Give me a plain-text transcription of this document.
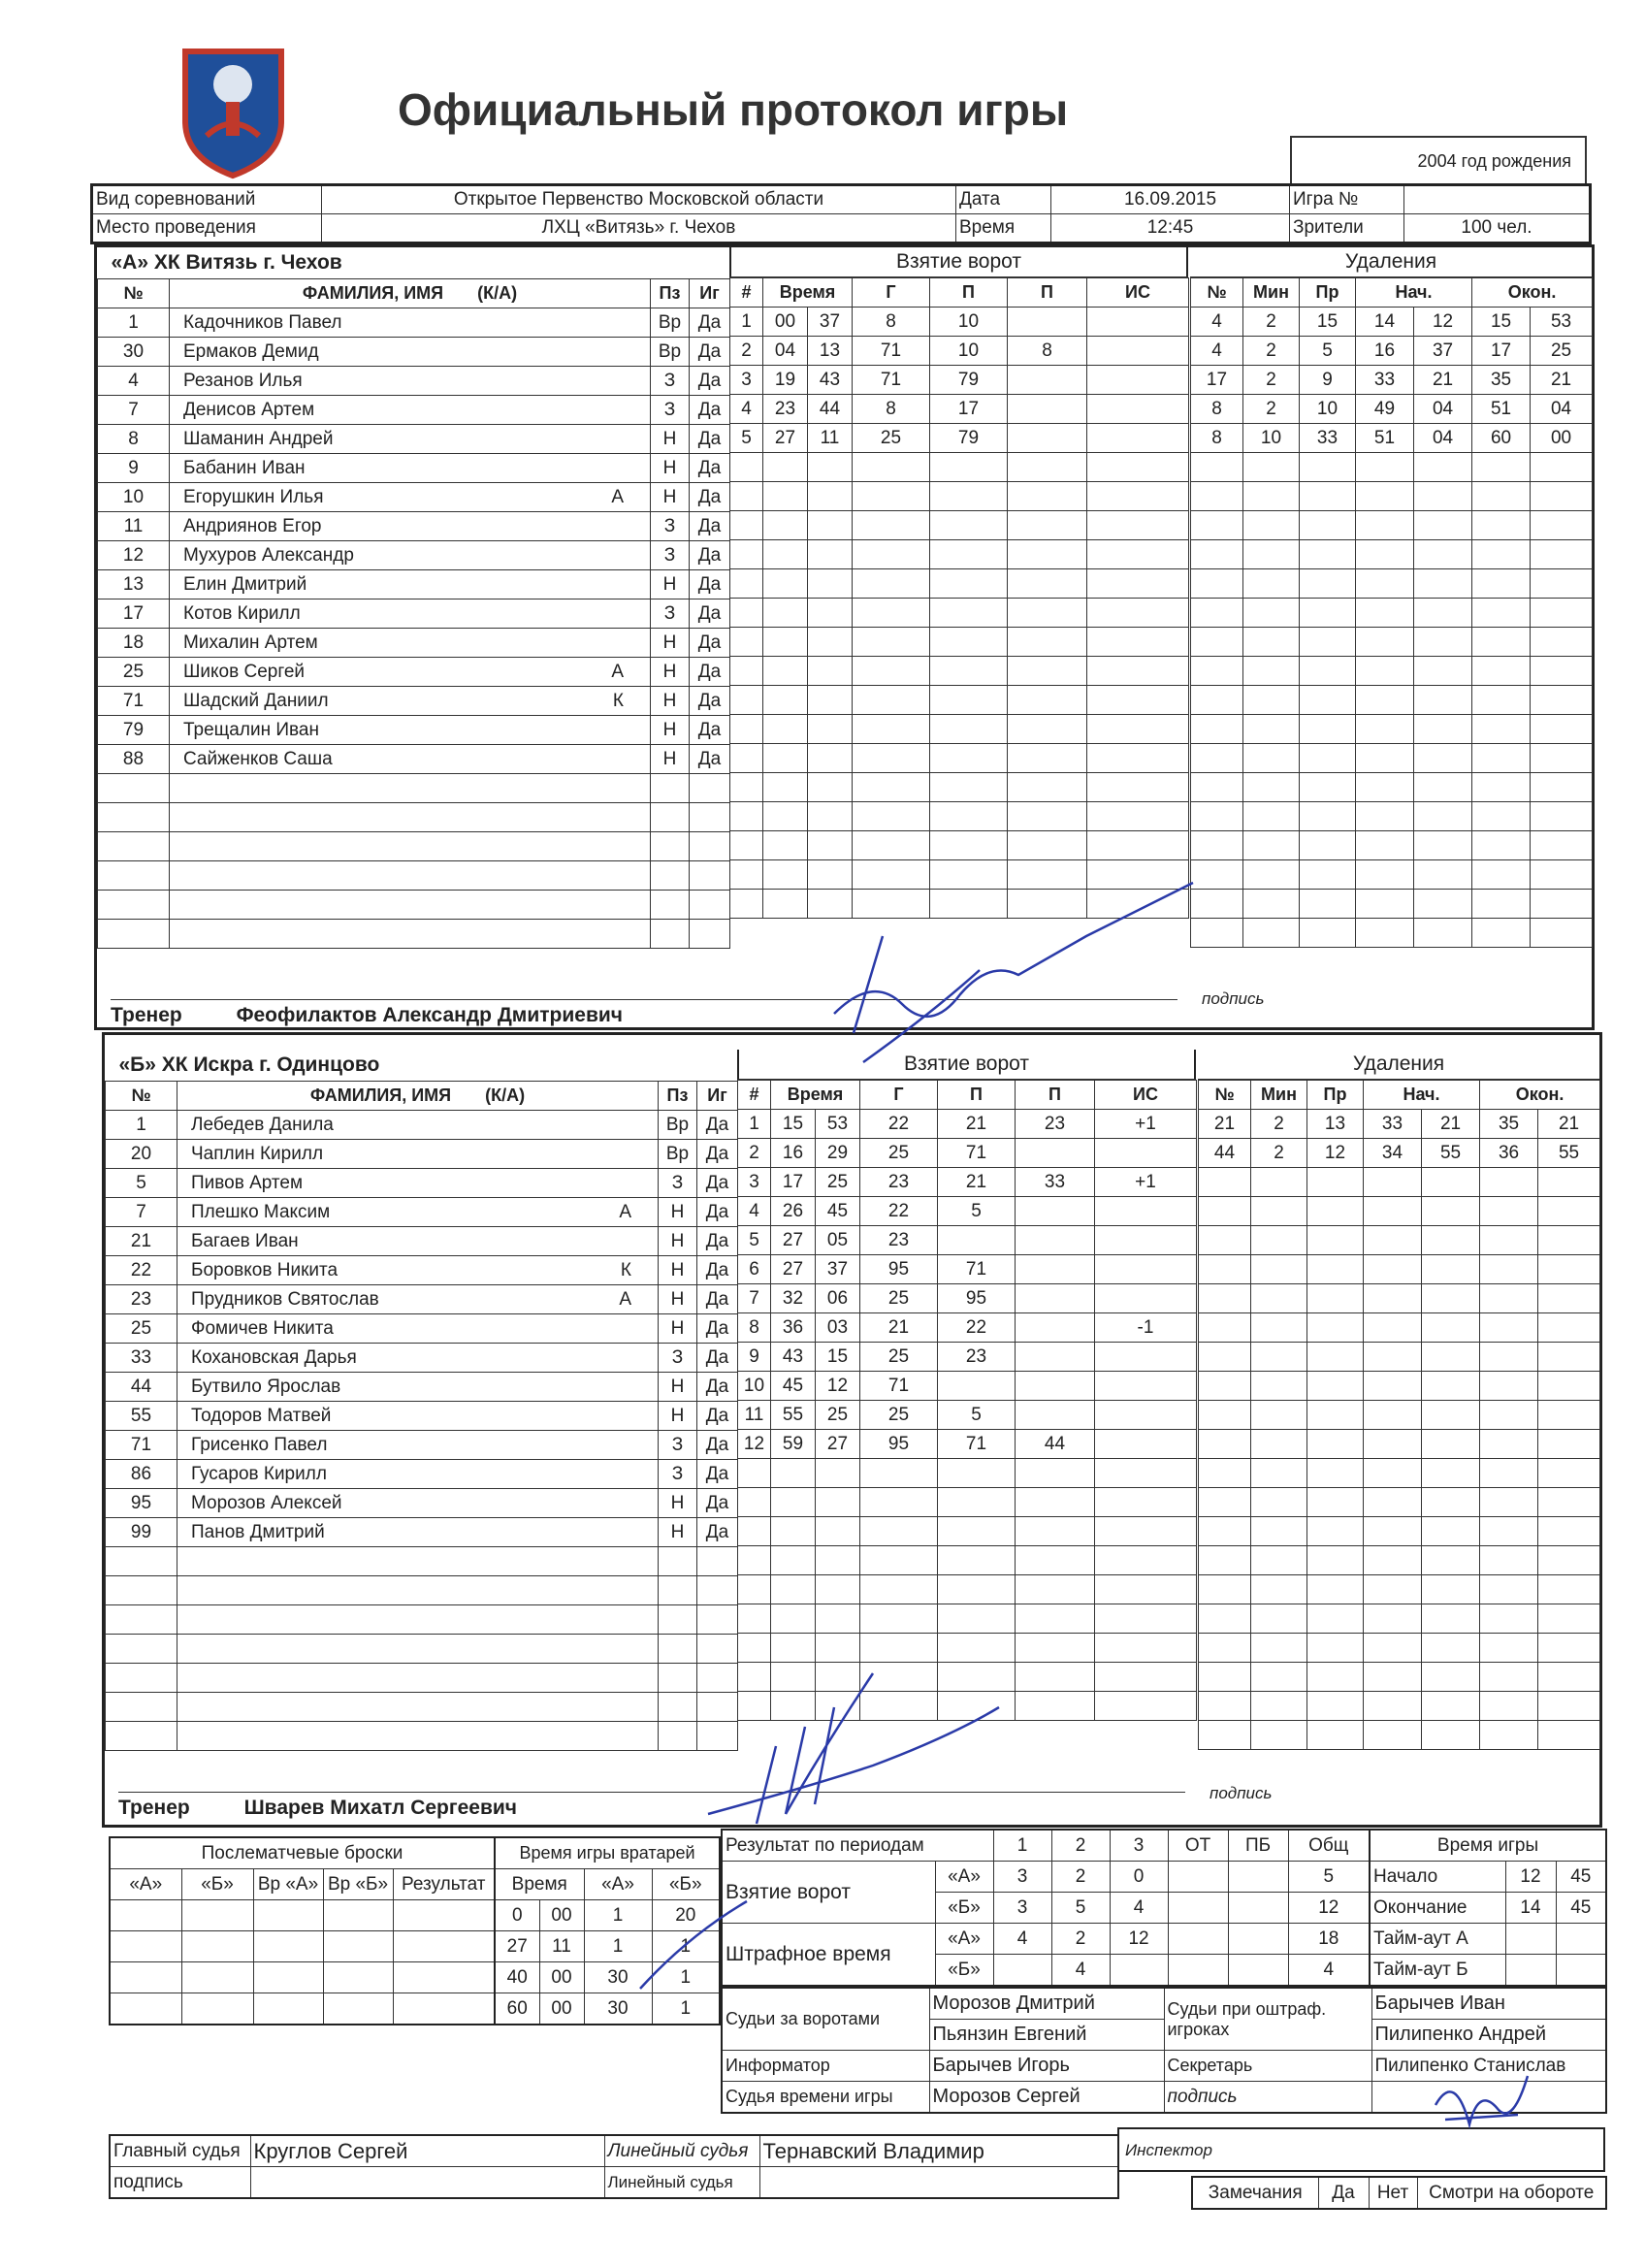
Официальный протокол игры
2004 год рождения
Вид соревнований	Открытое Первенство Московской области	Дата	16.09.2015	Игра №	
Место проведения	ЛХЦ «Витязь» г. Чехов	Время	12:45	Зрители	100 чел.
«А» ХК Витязь г. Чехов			
№	ФАМИЛИЯ, ИМЯ (К/А)	Пз	Иг
1	Кадочников Павел	Вр	Да
30	Ермаков Демид	Вр	Да
4	Резанов Илья	З	Да
7	Денисов Артем	З	Да
8	Шаманин Андрей	Н	Да
9	Бабанин Иван	Н	Да
10	Егорушкин Илья А	Н	Да
11	Андриянов Егор	З	Да
12	Мухуров Александр	З	Да
13	Елин Дмитрий	Н	Да
17	Котов Кирилл	З	Да
18	Михалин Артем	Н	Да
25	Шиков Сергей А	Н	Да
71	Шадский Даниил К	Н	Да
79	Трещалин Иван	Н	Да
88	Сайженков Саша	Н	Да

Взятие ворот
#	Время		Г	П	П	ИС
1	00	37	8	10		
2	04	13	71	10	8	
3	19	43	71	79		
4	23	44	8	17		
5	27	11	25	79		

Удаления
№	Мин	Пр	Нач.		Окон.	
4	2	15	14	12	15	53
4	2	5	16	37	17	25
17	2	9	33	21	35	21
8	2	10	49	04	51	04
8	10	33	51	04	60	00

подпись
Тренер	Феофилактов Александр Дмитриевич
«Б» ХК Искра г. Одинцово			
№	ФАМИЛИЯ, ИМЯ (К/А)	Пз	Иг
1	Лебедев Данила	Вр	Да
20	Чаплин Кирилл	Вр	Да
5	Пивов Артем	З	Да
7	Плешко Максим А	Н	Да
21	Багаев Иван	Н	Да
22	Боровков Никита К	Н	Да
23	Прудников Святослав А	Н	Да
25	Фомичев Никита	Н	Да
33	Кохановская Дарья	З	Да
44	Бутвило Ярослав	Н	Да
55	Тодоров Матвей	Н	Да
71	Грисенко Павел	З	Да
86	Гусаров Кирилл	З	Да
95	Морозов Алексей	Н	Да
99	Панов Дмитрий	Н	Да

Взятие ворот
#	Время		Г	П	П	ИС
1	15	53	22	21	23	+1
2	16	29	25	71		
3	17	25	23	21	33	+1
4	26	45	22	5		
5	27	05	23			
6	27	37	95	71		
7	32	06	25	95		
8	36	03	21	22		-1
9	43	15	25	23		
10	45	12	71			
11	55	25	25	5		
12	59	27	95	71	44	

Удаления
№	Мин	Пр	Нач.		Окон.	
21	2	13	33	21	35	21
44	2	12	34	55	36	55

подпись
Тренер	Шварев Михатл Сергеевич
Послематчевые броски				
«А»	«Б»	Вр «А»	Вр «Б»	Результат

Время игры вратарей			
Время		«А»	«Б»
0	00	1	20
27	11	1	1
40	00	30	1
60	00	30	1
Результат по периодам		1	2	3	ОТ	ПБ	Общ
Взятие ворот	«А»	3	2	0			5
	«Б»	3	5	4			12
Штрафное время	«А»	4	2	12			18
	«Б»		4				4
Время игры		
Начало	12	45
Окончание	14	45
Тайм-аут А		
Тайм-аут Б		
Судьи за воротами	Морозов Дмитрий	Судьи при оштраф. игроках	Барычев Иван
	Пьянзин Евгений		Пилипенко Андрей
Информатор	Барычев Игорь	Секретарь	Пилипенко Станислав
Судья времени игры	Морозов Сергей	подпись	
Главный судья	Круглов Сергей	Линейный судья	Тернавский Владимир
подпись		Линейный судья	
Инспектор
Замечания	Да	Нет	Смотри на обороте
